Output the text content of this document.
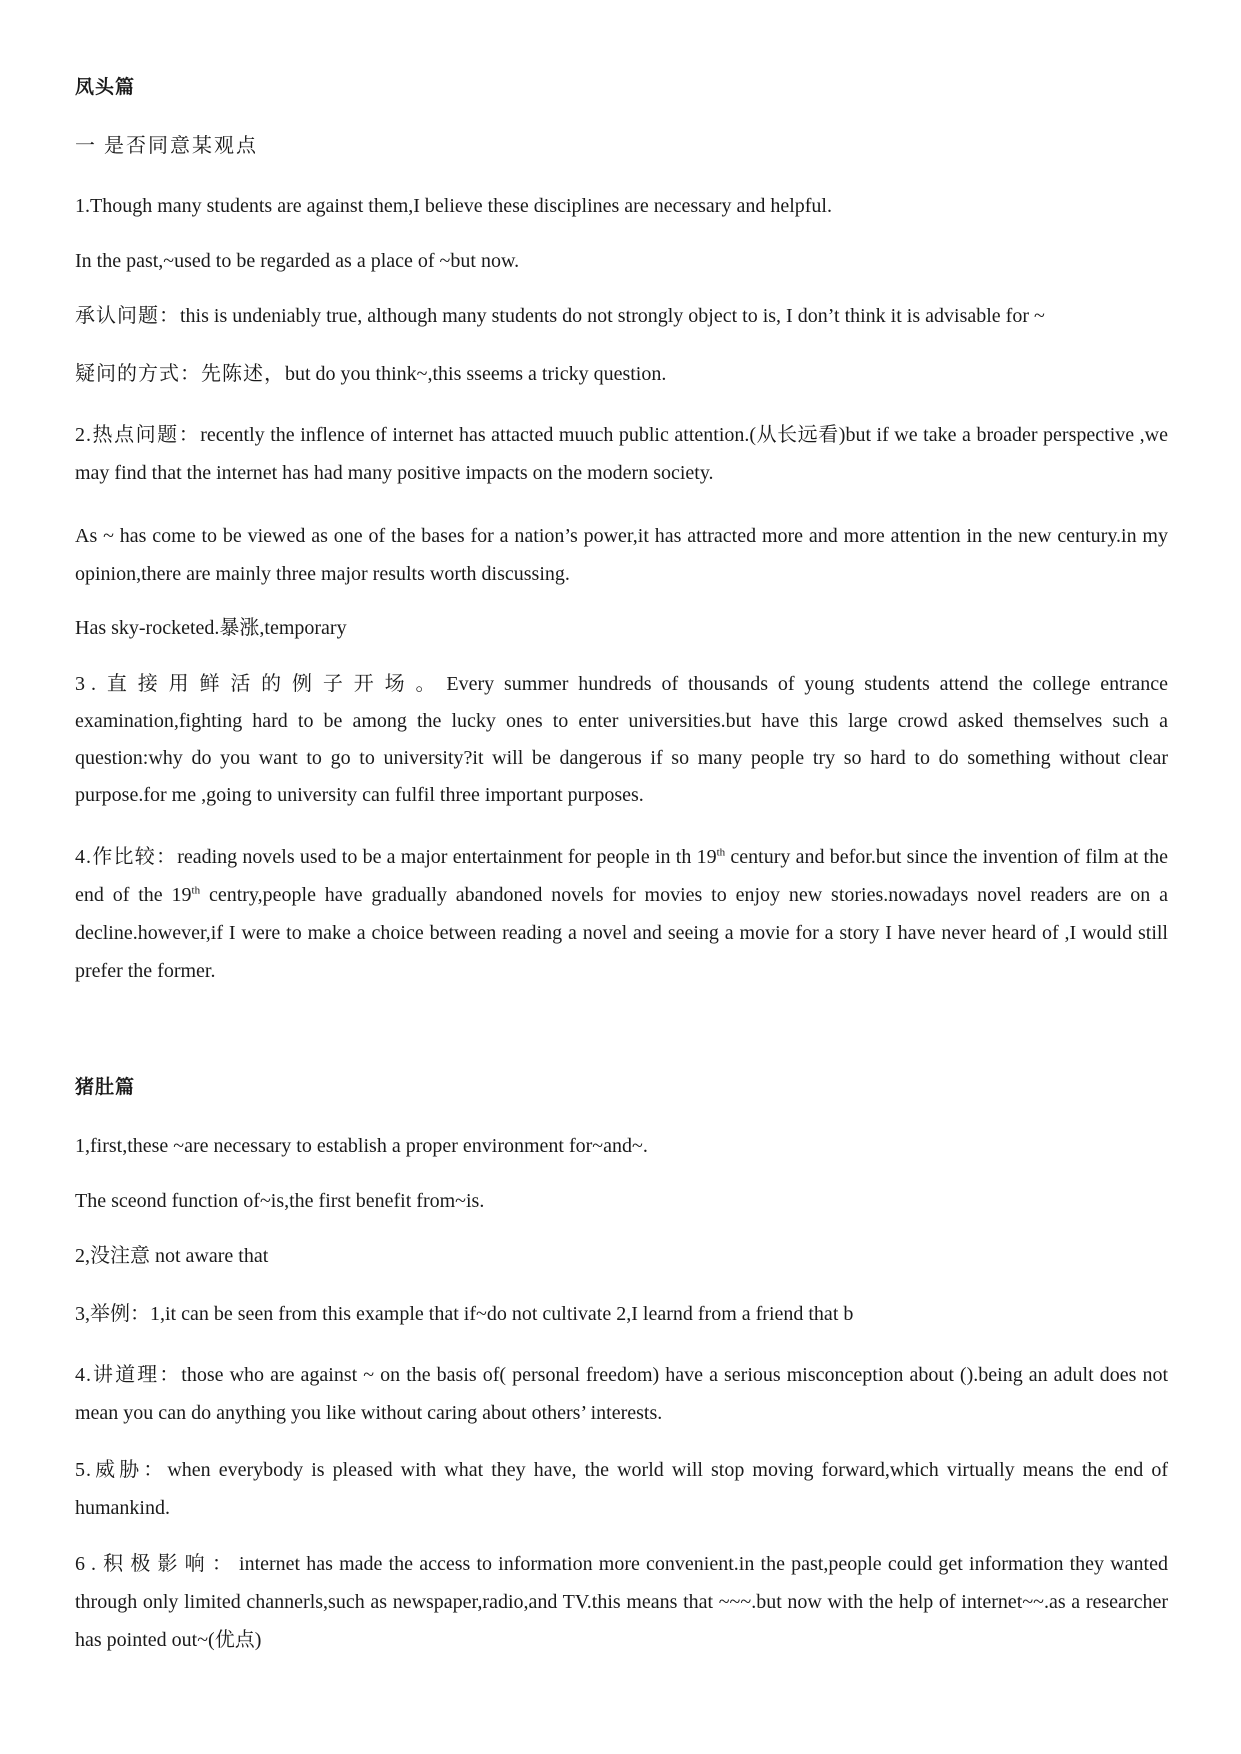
凤头篇
一 是否同意某观点
1.Though many students are against them,I believe these disciplines are necessary and helpful.
In the past,~used to be regarded as a place of ~but now.
承认问题：this is undeniably true, although many students do not strongly object to is, I don’t think it is advisable for ~
疑问的方式：先陈述，but do you think~,this sseems a tricky question.
2.热点问题：recently the inflence of internet has attacted muuch public attention.(从长远看)but if we take a broader perspective ,we may find that the internet has had many positive impacts on the modern society.
As ~ has come to be viewed as one of the bases for a nation’s power,it has attracted more and more attention in the new century.in my opinion,there are mainly three major results worth discussing.
Has sky-rocketed.暴涨,temporary
3.直接用鲜活的例子开场。Every summer hundreds of thousands of young students attend the college entrance examination,fighting hard to be among the lucky ones to enter universities.but have this large crowd asked themselves such a question:why do you want to go to university?it will be dangerous if so many people try so hard to do something without clear purpose.for me ,going to university can fulfil three important purposes.
4.作比较：reading novels used to be a major entertainment for people in th 19th century and befor.but since the invention of film at the end of the 19th centry,people have gradually abandoned novels for movies to enjoy new stories.nowadays novel readers are on a decline.however,if I were to make a choice between reading a novel and seeing a movie for a story I have never heard of ,I would still prefer the former.
猪肚篇
1,first,these ~are necessary to establish a proper environment for~and~.
The sceond function of~is,the first benefit from~is.
2,没注意 not aware that
3,举例：1,it can be seen from this example that if~do not cultivate 2,I learnd from a friend that b
4.讲道理：those who are against ~ on the basis of( personal freedom) have a serious misconception about ().being an adult does not mean you can do anything you like without caring about others’ interests.
5.威胁：when everybody is pleased with what they have, the world will stop moving forward,which virtually means the end of humankind.
6.积极影响：internet has made the access to information more convenient.in the past,people could get information they wanted through only limited channerls,such as newspaper,radio,and TV.this means that ~~~.but now with the help of internet~~.as a researcher has pointed out~(优点)
